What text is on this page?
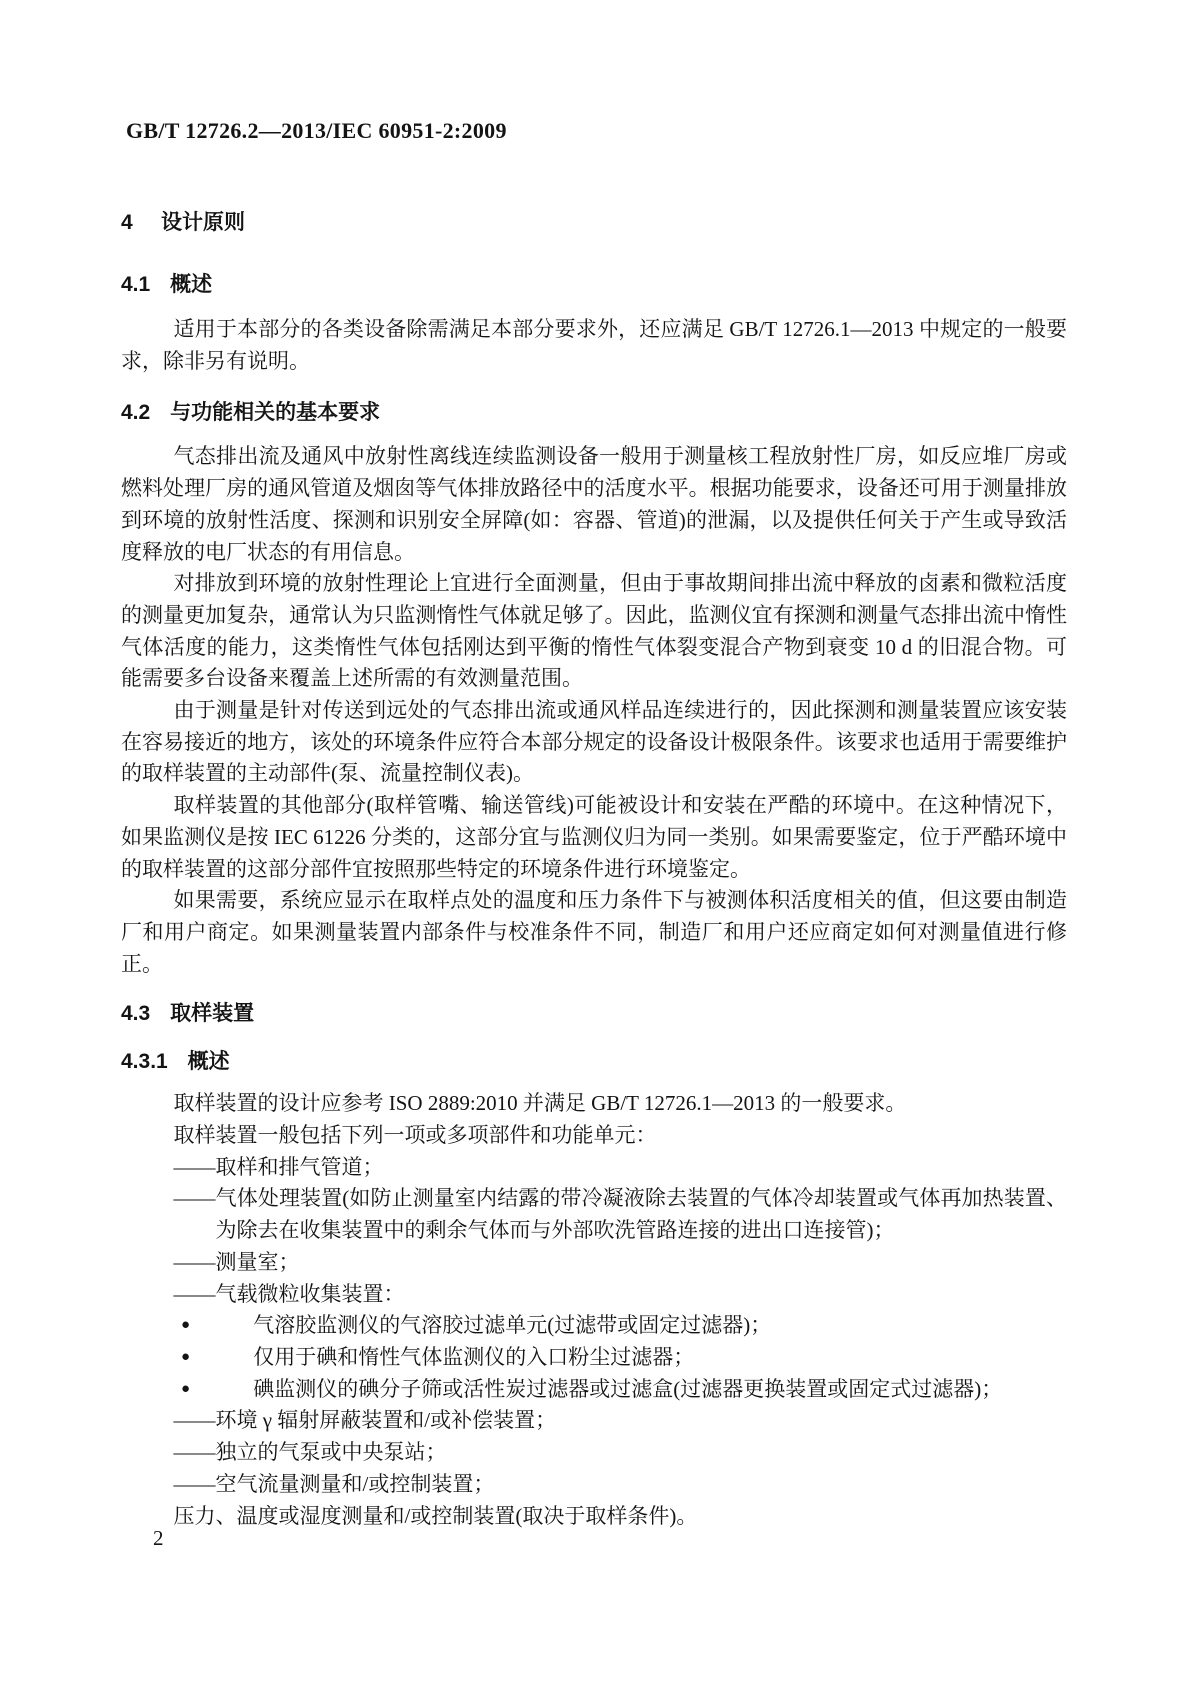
GB/T 12726.2—2013/IEC 60951-2:2009
4 设计原则
4.1 概述

适用于本部分的各类设备除需满足本部分要求外，还应满足 GB/T 12726.1—2013 中规定的一般要求，除非另有说明。

4.2 与功能相关的基本要求

气态排出流及通风中放射性离线连续监测设备一般用于测量核工程放射性厂房，如反应堆厂房或燃料处理厂房的通风管道及烟囱等气体排放路径中的活度水平。根据功能要求，设备还可用于测量排放到环境的放射性活度、探测和识别安全屏障(如：容器、管道)的泄漏，以及提供任何关于产生或导致活度释放的电厂状态的有用信息。

对排放到环境的放射性理论上宜进行全面测量，但由于事故期间排出流中释放的卤素和微粒活度的测量更加复杂，通常认为只监测惰性气体就足够了。因此，监测仪宜有探测和测量气态排出流中惰性气体活度的能力，这类惰性气体包括刚达到平衡的惰性气体裂变混合产物到衰变 10 d 的旧混合物。可能需要多台设备来覆盖上述所需的有效测量范围。

由于测量是针对传送到远处的气态排出流或通风样品连续进行的，因此探测和测量装置应该安装在容易接近的地方，该处的环境条件应符合本部分规定的设备设计极限条件。该要求也适用于需要维护的取样装置的主动部件(泵、流量控制仪表)。

取样装置的其他部分(取样管嘴、输送管线)可能被设计和安装在严酷的环境中。在这种情况下，如果监测仪是按 IEC 61226 分类的，这部分宜与监测仪归为同一类别。如果需要鉴定，位于严酷环境中的取样装置的这部分部件宜按照那些特定的环境条件进行环境鉴定。

如果需要，系统应显示在取样点处的温度和压力条件下与被测体积活度相关的值，但这要由制造厂和用户商定。如果测量装置内部条件与校准条件不同，制造厂和用户还应商定如何对测量值进行修正。

4.3 取样装置
4.3.1 概述

取样装置的设计应参考 ISO 2889:2010 并满足 GB/T 12726.1—2013 的一般要求。

取样装置一般包括下列一项或多项部件和功能单元：

——取样和排气管道；
——气体处理装置(如防止测量室内结露的带冷凝液除去装置的气体冷却装置或气体再加热装置、为除去在收集装置中的剩余气体而与外部吹洗管路连接的进出口连接管)；
——测量室；
——气载微粒收集装置：
●	气溶胶监测仪的气溶胶过滤单元(过滤带或固定过滤器)；
●	仅用于碘和惰性气体监测仪的入口粉尘过滤器；
●	碘监测仪的碘分子筛或活性炭过滤器或过滤盒(过滤器更换装置或固定式过滤器)；
——环境 γ 辐射屏蔽装置和/或补偿装置；
——独立的气泵或中央泵站；
——空气流量测量和/或控制装置；

压力、温度或湿度测量和/或控制装置(取决于取样条件)。

2
